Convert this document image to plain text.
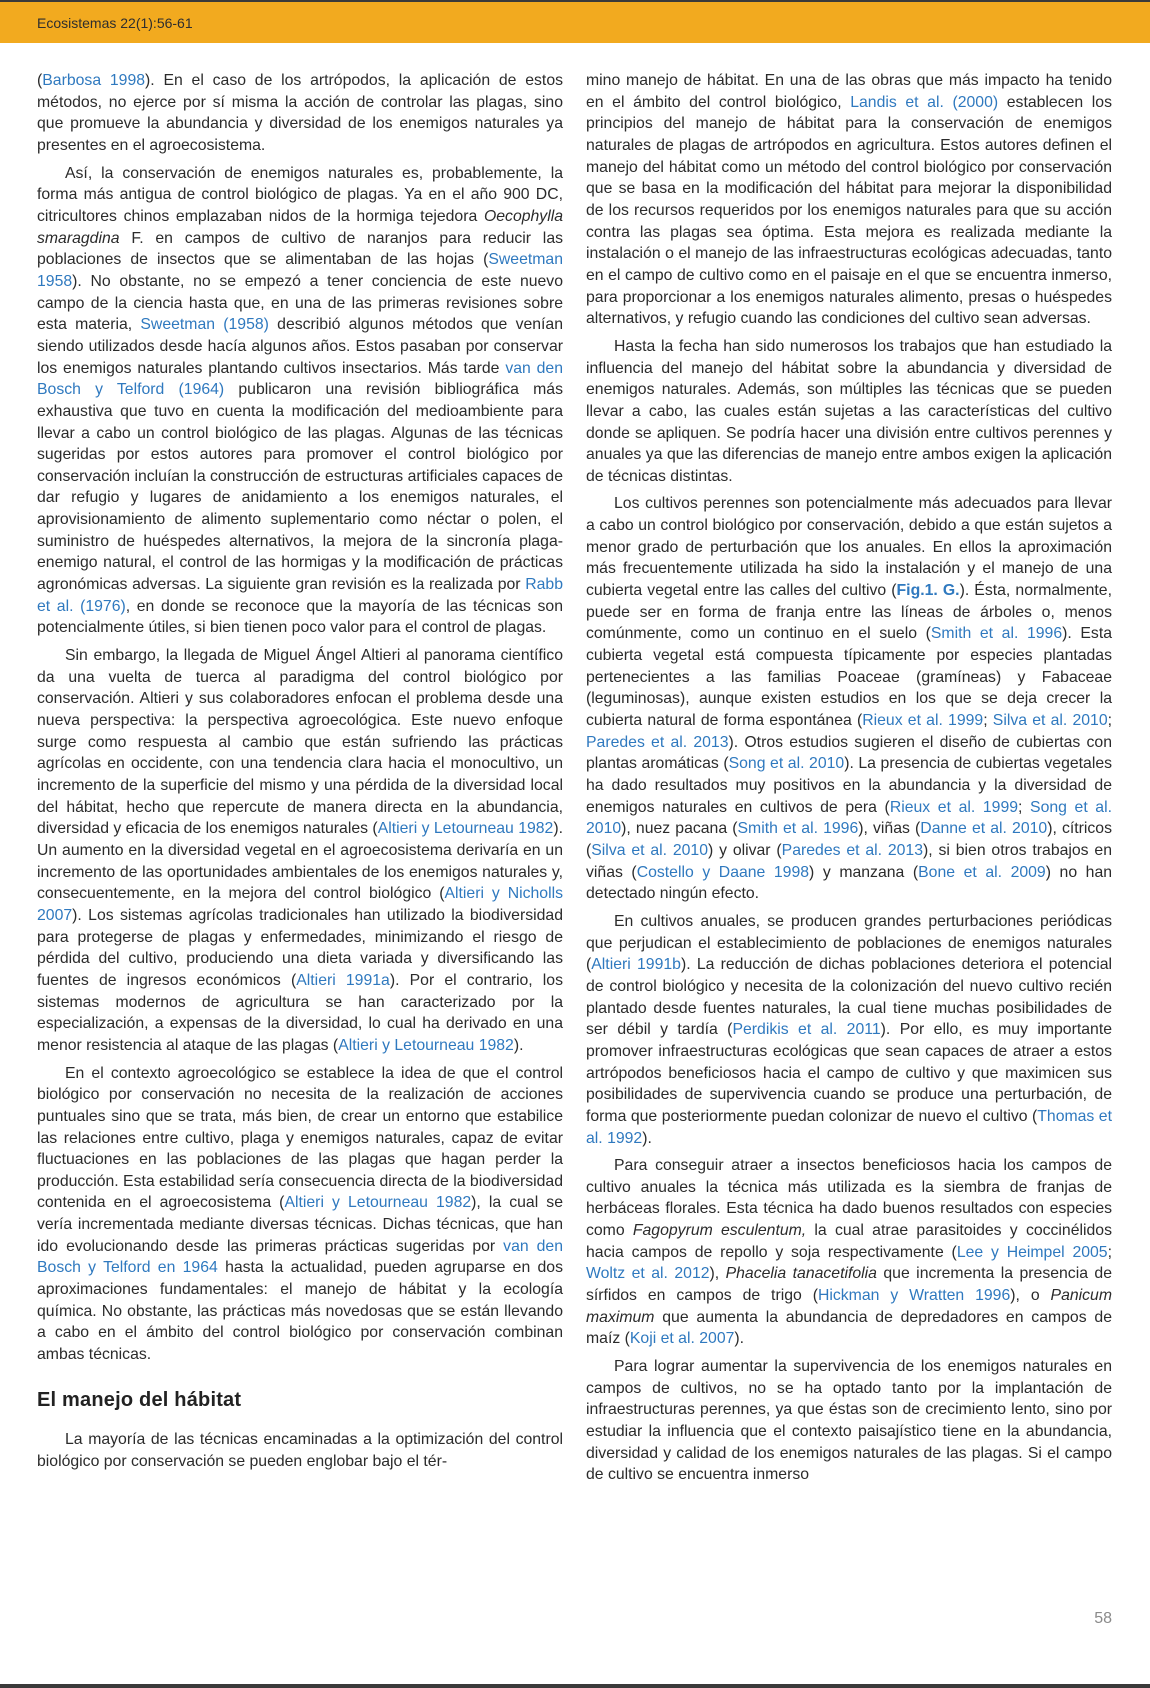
Ecosistemas 22(1):56-61

(Barbosa 1998). En el caso de los artrópodos, la aplicación de estos métodos, no ejerce por sí misma la acción de controlar las plagas, sino que promueve la abundancia y diversidad de los enemigos naturales ya presentes en el agroecosistema.

Así, la conservación de enemigos naturales es, probablemente, la forma más antigua de control biológico de plagas. Ya en el año 900 DC, citricultores chinos emplazaban nidos de la hormiga tejedora Oecophylla smaragdina F. en campos de cultivo de naranjos para reducir las poblaciones de insectos que se alimentaban de las hojas (Sweetman 1958). No obstante, no se empezó a tener conciencia de este nuevo campo de la ciencia hasta que, en una de las primeras revisiones sobre esta materia, Sweetman (1958) describió algunos métodos que venían siendo utilizados desde hacía algunos años. Estos pasaban por conservar los enemigos naturales plantando cultivos insectarios. Más tarde van den Bosch y Telford (1964) publicaron una revisión bibliográfica más exhaustiva que tuvo en cuenta la modificación del medioambiente para llevar a cabo un control biológico de las plagas. Algunas de las técnicas sugeridas por estos autores para promover el control biológico por conservación incluían la construcción de estructuras artificiales capaces de dar refugio y lugares de anidamiento a los enemigos naturales, el aprovisionamiento de alimento suplementario como néctar o polen, el suministro de huéspedes alternativos, la mejora de la sincronía plaga-enemigo natural, el control de las hormigas y la modificación de prácticas agronómicas adversas. La siguiente gran revisión es la realizada por Rabb et al. (1976), en donde se reconoce que la mayoría de las técnicas son potencialmente útiles, si bien tienen poco valor para el control de plagas.

Sin embargo, la llegada de Miguel Ángel Altieri al panorama científico da una vuelta de tuerca al paradigma del control biológico por conservación. Altieri y sus colaboradores enfocan el problema desde una nueva perspectiva: la perspectiva agroecológica. Este nuevo enfoque surge como respuesta al cambio que están sufriendo las prácticas agrícolas en occidente, con una tendencia clara hacia el monocultivo, un incremento de la superficie del mismo y una pérdida de la diversidad local del hábitat, hecho que repercute de manera directa en la abundancia, diversidad y eficacia de los enemigos naturales (Altieri y Letourneau 1982). Un aumento en la diversidad vegetal en el agroecosistema derivaría en un incremento de las oportunidades ambientales de los enemigos naturales y, consecuentemente, en la mejora del control biológico (Altieri y Nicholls 2007). Los sistemas agrícolas tradicionales han utilizado la biodiversidad para protegerse de plagas y enfermedades, minimizando el riesgo de pérdida del cultivo, produciendo una dieta variada y diversificando las fuentes de ingresos económicos (Altieri 1991a). Por el contrario, los sistemas modernos de agricultura se han caracterizado por la especialización, a expensas de la diversidad, lo cual ha derivado en una menor resistencia al ataque de las plagas (Altieri y Letourneau 1982).

En el contexto agroecológico se establece la idea de que el control biológico por conservación no necesita de la realización de acciones puntuales sino que se trata, más bien, de crear un entorno que estabilice las relaciones entre cultivo, plaga y enemigos naturales, capaz de evitar fluctuaciones en las poblaciones de las plagas que hagan perder la producción. Esta estabilidad sería consecuencia directa de la biodiversidad contenida en el agroecosistema (Altieri y Letourneau 1982), la cual se vería incrementada mediante diversas técnicas. Dichas técnicas, que han ido evolucionando desde las primeras prácticas sugeridas por van den Bosch y Telford en 1964 hasta la actualidad, pueden agruparse en dos aproximaciones fundamentales: el manejo de hábitat y la ecología química. No obstante, las prácticas más novedosas que se están llevando a cabo en el ámbito del control biológico por conservación combinan ambas técnicas.

El manejo del hábitat

La mayoría de las técnicas encaminadas a la optimización del control biológico por conservación se pueden englobar bajo el tér-

mino manejo de hábitat. En una de las obras que más impacto ha tenido en el ámbito del control biológico, Landis et al. (2000) establecen los principios del manejo de hábitat para la conservación de enemigos naturales de plagas de artrópodos en agricultura. Estos autores definen el manejo del hábitat como un método del control biológico por conservación que se basa en la modificación del hábitat para mejorar la disponibilidad de los recursos requeridos por los enemigos naturales para que su acción contra las plagas sea óptima. Esta mejora es realizada mediante la instalación o el manejo de las infraestructuras ecológicas adecuadas, tanto en el campo de cultivo como en el paisaje en el que se encuentra inmerso, para proporcionar a los enemigos naturales alimento, presas o huéspedes alternativos, y refugio cuando las condiciones del cultivo sean adversas.

Hasta la fecha han sido numerosos los trabajos que han estudiado la influencia del manejo del hábitat sobre la abundancia y diversidad de enemigos naturales. Además, son múltiples las técnicas que se pueden llevar a cabo, las cuales están sujetas a las características del cultivo donde se apliquen. Se podría hacer una división entre cultivos perennes y anuales ya que las diferencias de manejo entre ambos exigen la aplicación de técnicas distintas.

Los cultivos perennes son potencialmente más adecuados para llevar a cabo un control biológico por conservación, debido a que están sujetos a menor grado de perturbación que los anuales. En ellos la aproximación más frecuentemente utilizada ha sido la instalación y el manejo de una cubierta vegetal entre las calles del cultivo (Fig.1. G.). Ésta, normalmente, puede ser en forma de franja entre las líneas de árboles o, menos comúnmente, como un continuo en el suelo (Smith et al. 1996). Esta cubierta vegetal está compuesta típicamente por especies plantadas pertenecientes a las familias Poaceae (gramíneas) y Fabaceae (leguminosas), aunque existen estudios en los que se deja crecer la cubierta natural de forma espontánea (Rieux et al. 1999; Silva et al. 2010; Paredes et al. 2013). Otros estudios sugieren el diseño de cubiertas con plantas aromáticas (Song et al. 2010). La presencia de cubiertas vegetales ha dado resultados muy positivos en la abundancia y la diversidad de enemigos naturales en cultivos de pera (Rieux et al. 1999; Song et al. 2010), nuez pacana (Smith et al. 1996), viñas (Danne et al. 2010), cítricos (Silva et al. 2010) y olivar (Paredes et al. 2013), si bien otros trabajos en viñas (Costello y Daane 1998) y manzana (Bone et al. 2009) no han detectado ningún efecto.

En cultivos anuales, se producen grandes perturbaciones periódicas que perjudican el establecimiento de poblaciones de enemigos naturales (Altieri 1991b). La reducción de dichas poblaciones deteriora el potencial de control biológico y necesita de la colonización del nuevo cultivo recién plantado desde fuentes naturales, la cual tiene muchas posibilidades de ser débil y tardía (Perdikis et al. 2011). Por ello, es muy importante promover infraestructuras ecológicas que sean capaces de atraer a estos artrópodos beneficiosos hacia el campo de cultivo y que maximicen sus posibilidades de supervivencia cuando se produce una perturbación, de forma que posteriormente puedan colonizar de nuevo el cultivo (Thomas et al. 1992).

Para conseguir atraer a insectos beneficiosos hacia los campos de cultivo anuales la técnica más utilizada es la siembra de franjas de herbáceas florales. Esta técnica ha dado buenos resultados con especies como Fagopyrum esculentum, la cual atrae parasitoides y coccinélidos hacia campos de repollo y soja respectivamente (Lee y Heimpel 2005; Woltz et al. 2012), Phacelia tanacetifolia que incrementa la presencia de sírfidos en campos de trigo (Hickman y Wratten 1996), o Panicum maximum que aumenta la abundancia de depredadores en campos de maíz (Koji et al. 2007).

Para lograr aumentar la supervivencia de los enemigos naturales en campos de cultivos, no se ha optado tanto por la implantación de infraestructuras perennes, ya que éstas son de crecimiento lento, sino por estudiar la influencia que el contexto paisajístico tiene en la abundancia, diversidad y calidad de los enemigos naturales de las plagas. Si el campo de cultivo se encuentra inmerso

58
